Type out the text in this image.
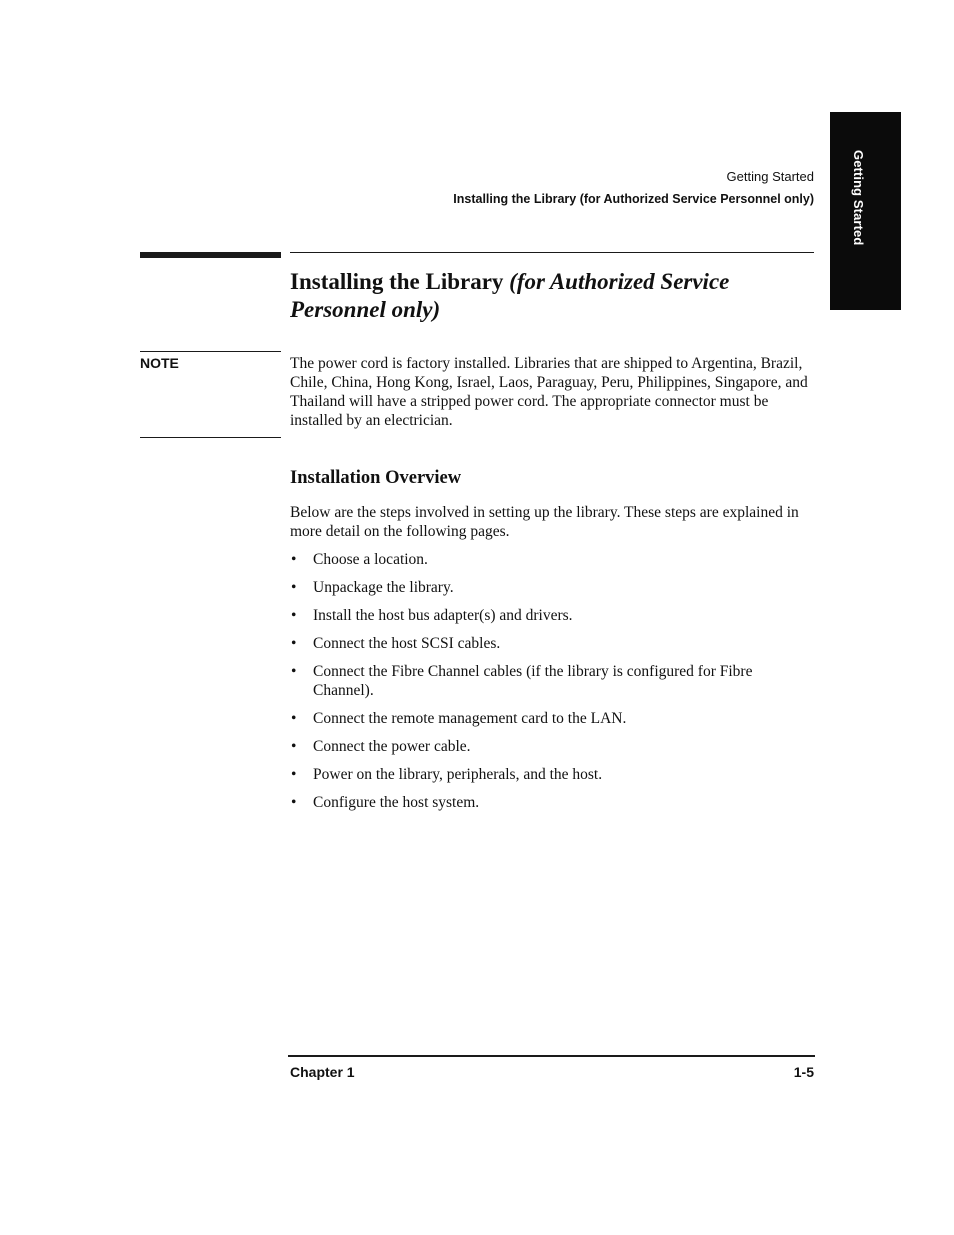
Getting Started
Getting Started
Installing the Library (for Authorized Service Personnel only)
Installing the Library (for Authorized Service Personnel only)
NOTE	The power cord is factory installed. Libraries that are shipped to Argentina, Brazil, Chile, China, Hong Kong, Israel, Laos, Paraguay, Peru, Philippines, Singapore, and Thailand will have a stripped power cord. The appropriate connector must be installed by an electrician.

Installation Overview

Below are the steps involved in setting up the library. These steps are explained in more detail on the following pages.

• Choose a location.
• Unpackage the library.
• Install the host bus adapter(s) and drivers.
• Connect the host SCSI cables.
• Connect the Fibre Channel cables (if the library is configured for Fibre Channel).
• Connect the remote management card to the LAN.
• Connect the power cable.
• Power on the library, peripherals, and the host.
• Configure the host system.
Chapter 1	1-5
